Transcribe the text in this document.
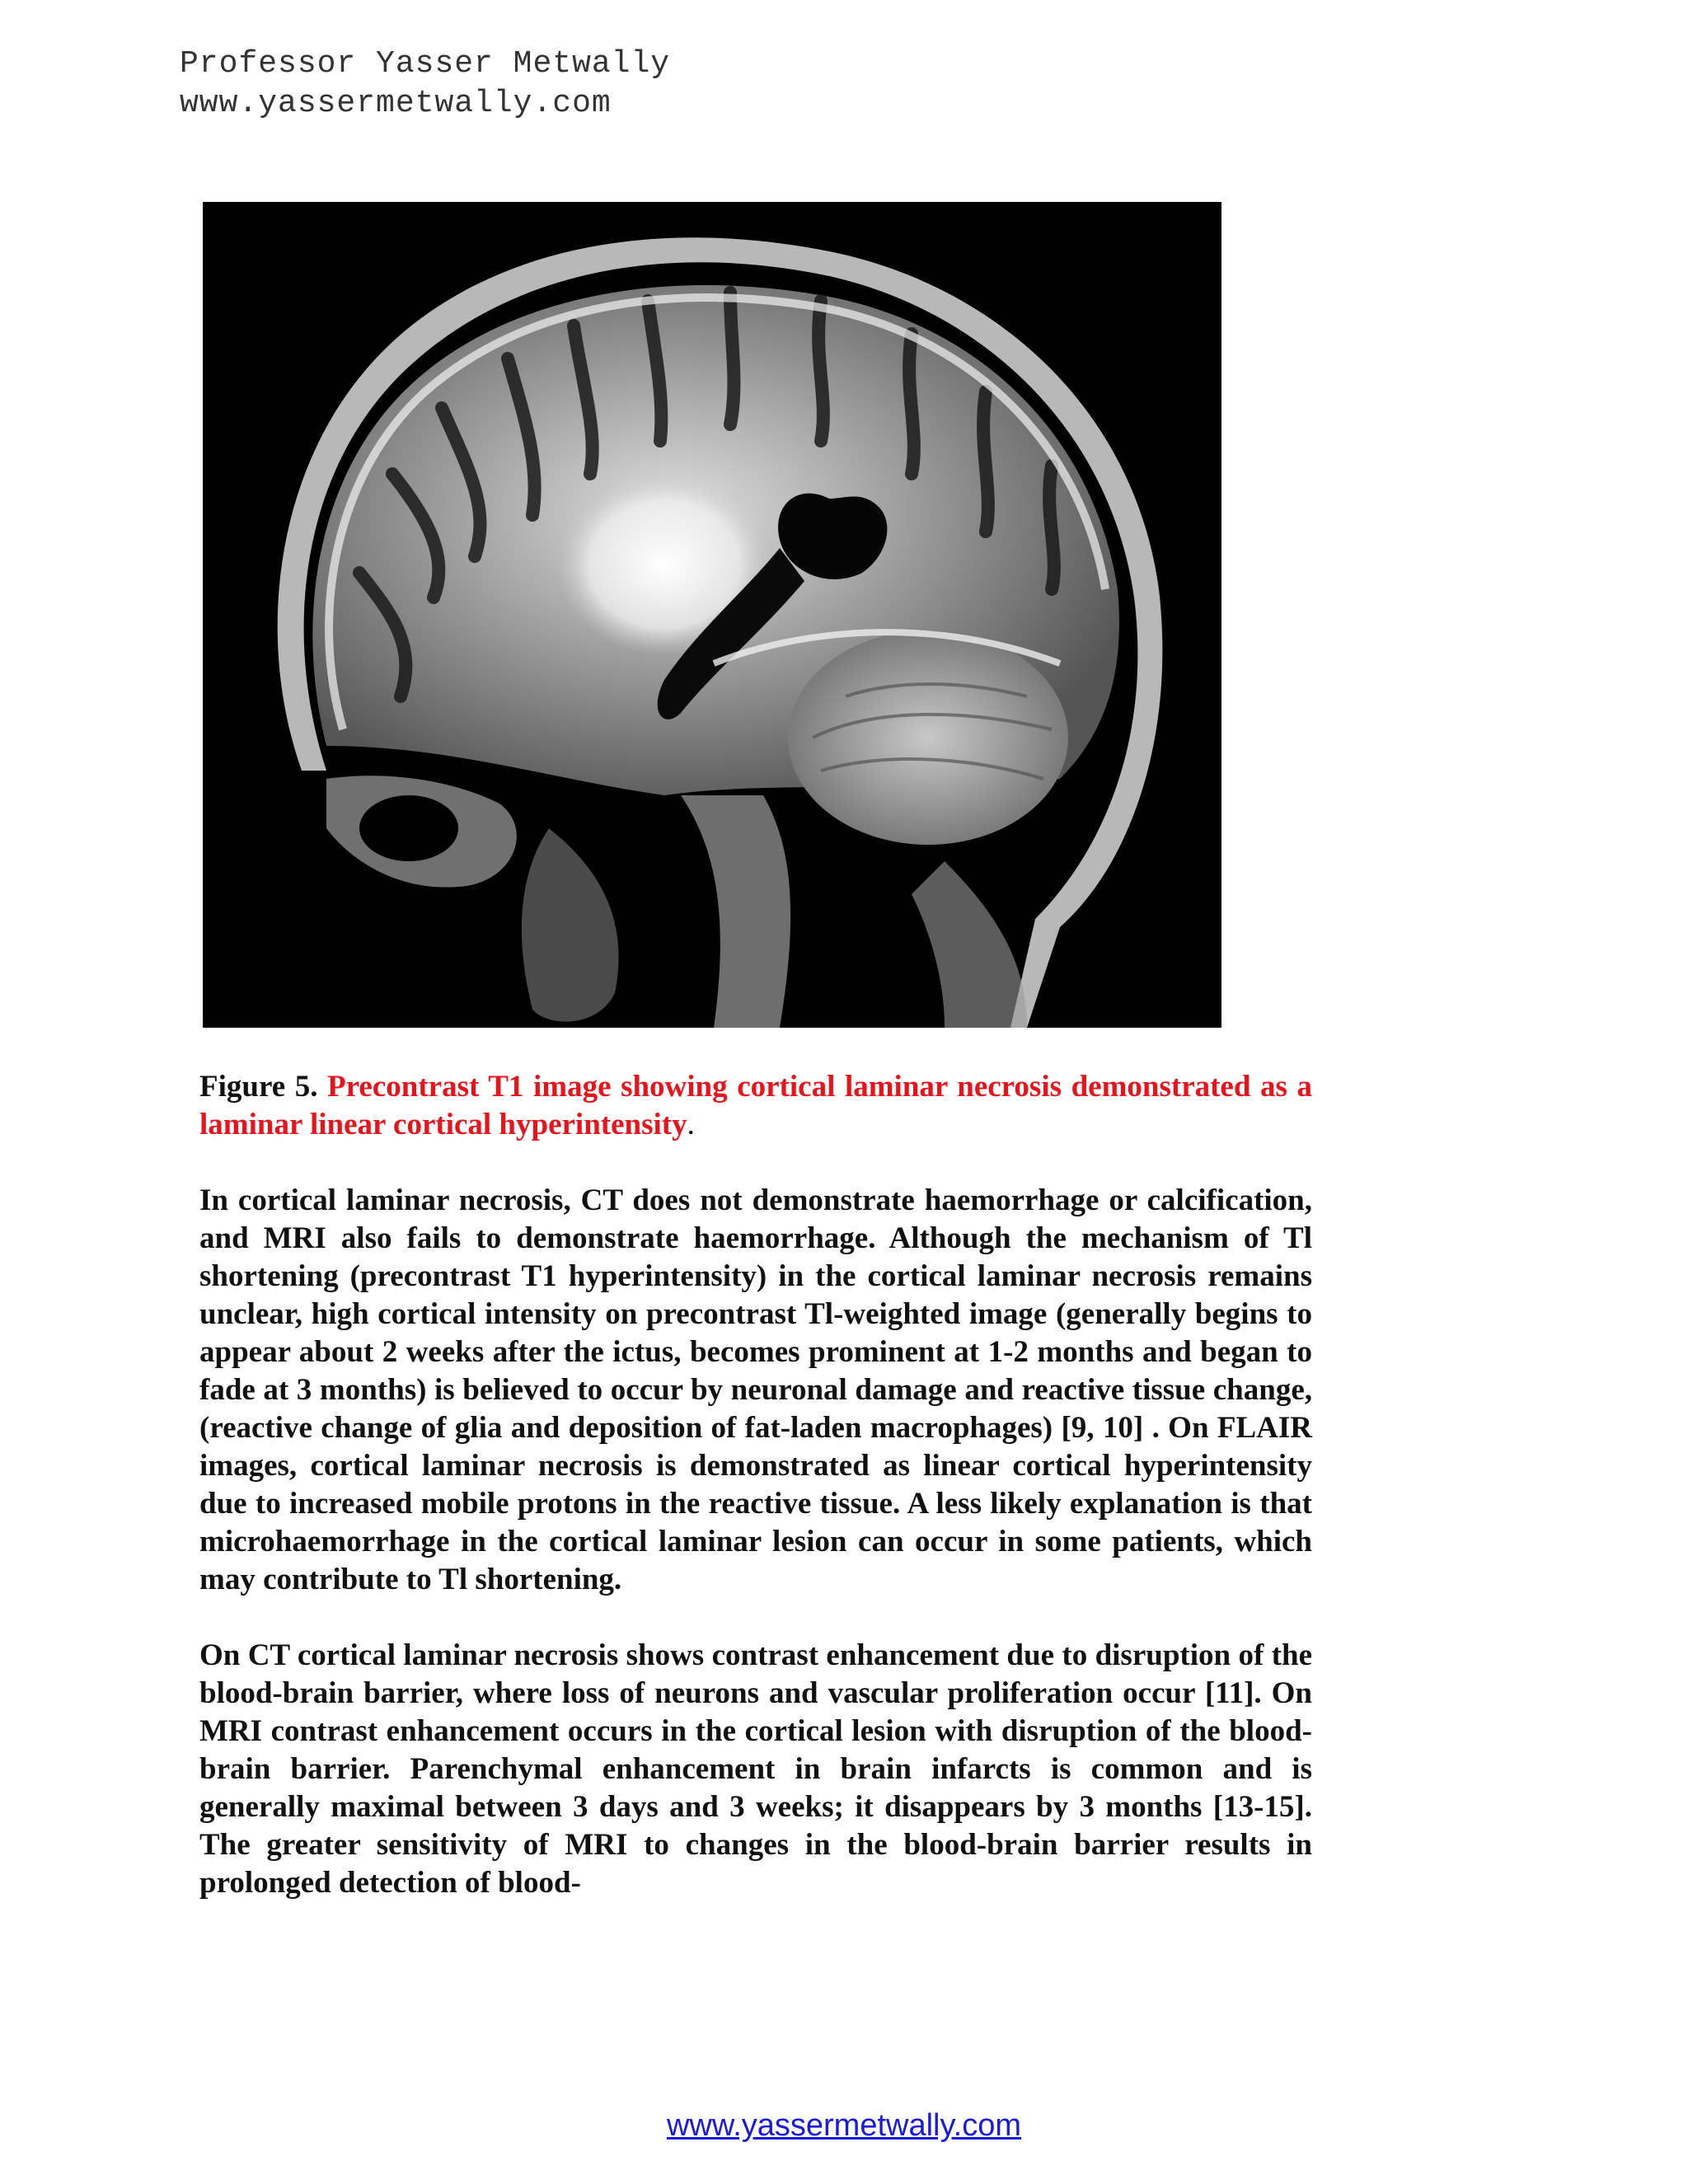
Professor Yasser Metwally
www.yassermetwally.com

Figure 5. Precontrast T1 image showing cortical laminar necrosis demonstrated as a laminar linear cortical hyperintensity.

In cortical laminar necrosis, CT does not demonstrate haemorrhage or calcification, and MRI also fails to demonstrate haemorrhage. Although the mechanism of Tl shortening (precontrast T1 hyperintensity) in the cortical laminar necrosis remains unclear, high cortical intensity on precontrast Tl-weighted image (generally begins to appear about 2 weeks after the ictus, becomes prominent at 1-2 months and began to fade at 3 months) is believed to occur by neuronal damage and reactive tissue change, (reactive change of glia and deposition of fat-laden macrophages) [9, 10] . On FLAIR images, cortical laminar necrosis is demonstrated as linear cortical hyperintensity due to increased mobile protons in the reactive tissue. A less likely explanation is that microhaemorrhage in the cortical laminar lesion can occur in some patients, which may contribute to Tl shortening.

On CT cortical laminar necrosis shows contrast enhancement due to disruption of the blood-brain barrier, where loss of neurons and vascular proliferation occur [11]. On MRI contrast enhancement occurs in the cortical lesion with disruption of the blood-brain barrier. Parenchymal enhancement in brain infarcts is common and is generally maximal between 3 days and 3 weeks; it disappears by 3 months [13-15]. The greater sensitivity of MRI to changes in the blood-brain barrier results in prolonged detection of blood-

www.yassermetwally.com
